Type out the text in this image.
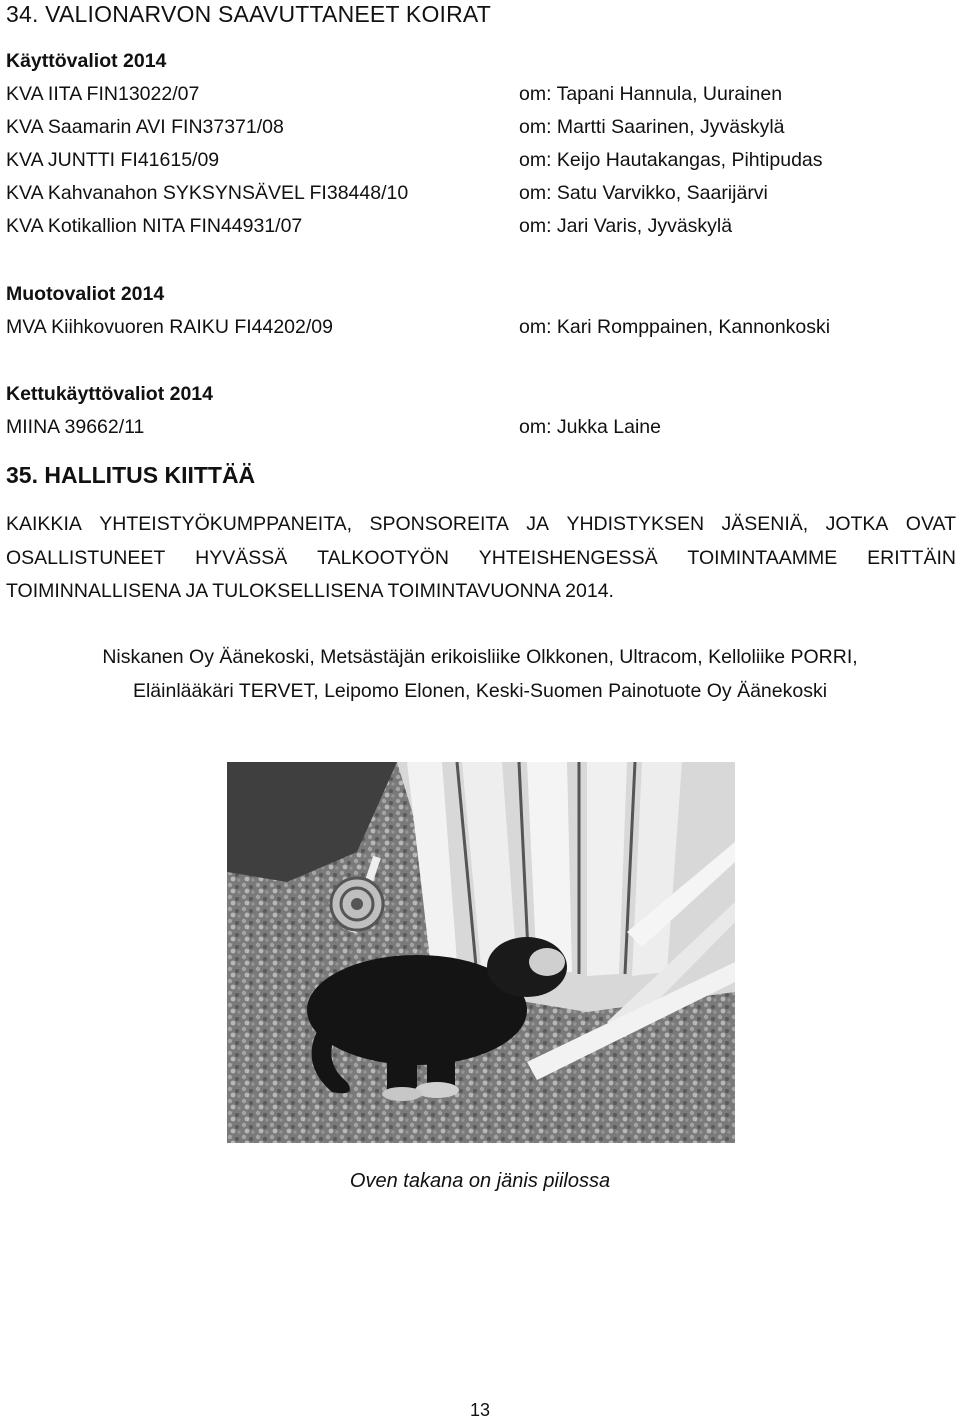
34. VALIONARVON SAAVUTTANEET KOIRAT
Käyttövaliot 2014
KVA IITA FIN13022/07	om: Tapani Hannula, Uurainen
KVA Saamarin AVI FIN37371/08	om: Martti Saarinen, Jyväskylä
KVA JUNTTI FI41615/09	om: Keijo Hautakangas, Pihtipudas
KVA Kahvanahon SYKSYNSÄVEL FI38448/10	om: Satu Varvikko, Saarijärvi
KVA Kotikallion NITA FIN44931/07	om: Jari Varis, Jyväskylä
Muotovaliot 2014
MVA Kiihkovuoren RAIKU FI44202/09	om: Kari Romppainen, Kannonkoski
Kettukäyttövaliot 2014
MIINA 39662/11	om: Jukka Laine
35. HALLITUS KIITTÄÄ
KAIKKIA YHTEISTYÖKUMPPANEITA, SPONSOREITA JA YHDISTYKSEN JÄSENIÄ, JOTKA OVAT
OSALLISTUNEET HYVÄSSÄ TALKOOTYÖN YHTEISHENGESSÄ TOIMINTAAMME ERITTÄIN
TOIMINNALLISENA JA TULOKSELLISENA TOIMINTAVUONNA 2014.
Niskanen Oy Äänekoski, Metsästäjän erikoisliike Olkkonen, Ultracom, Kelloliike PORRI,
Eläinlääkäri TERVET, Leipomo Elonen, Keski-Suomen Painotuote Oy Äänekoski
Oven takana on jänis piilossa
13
